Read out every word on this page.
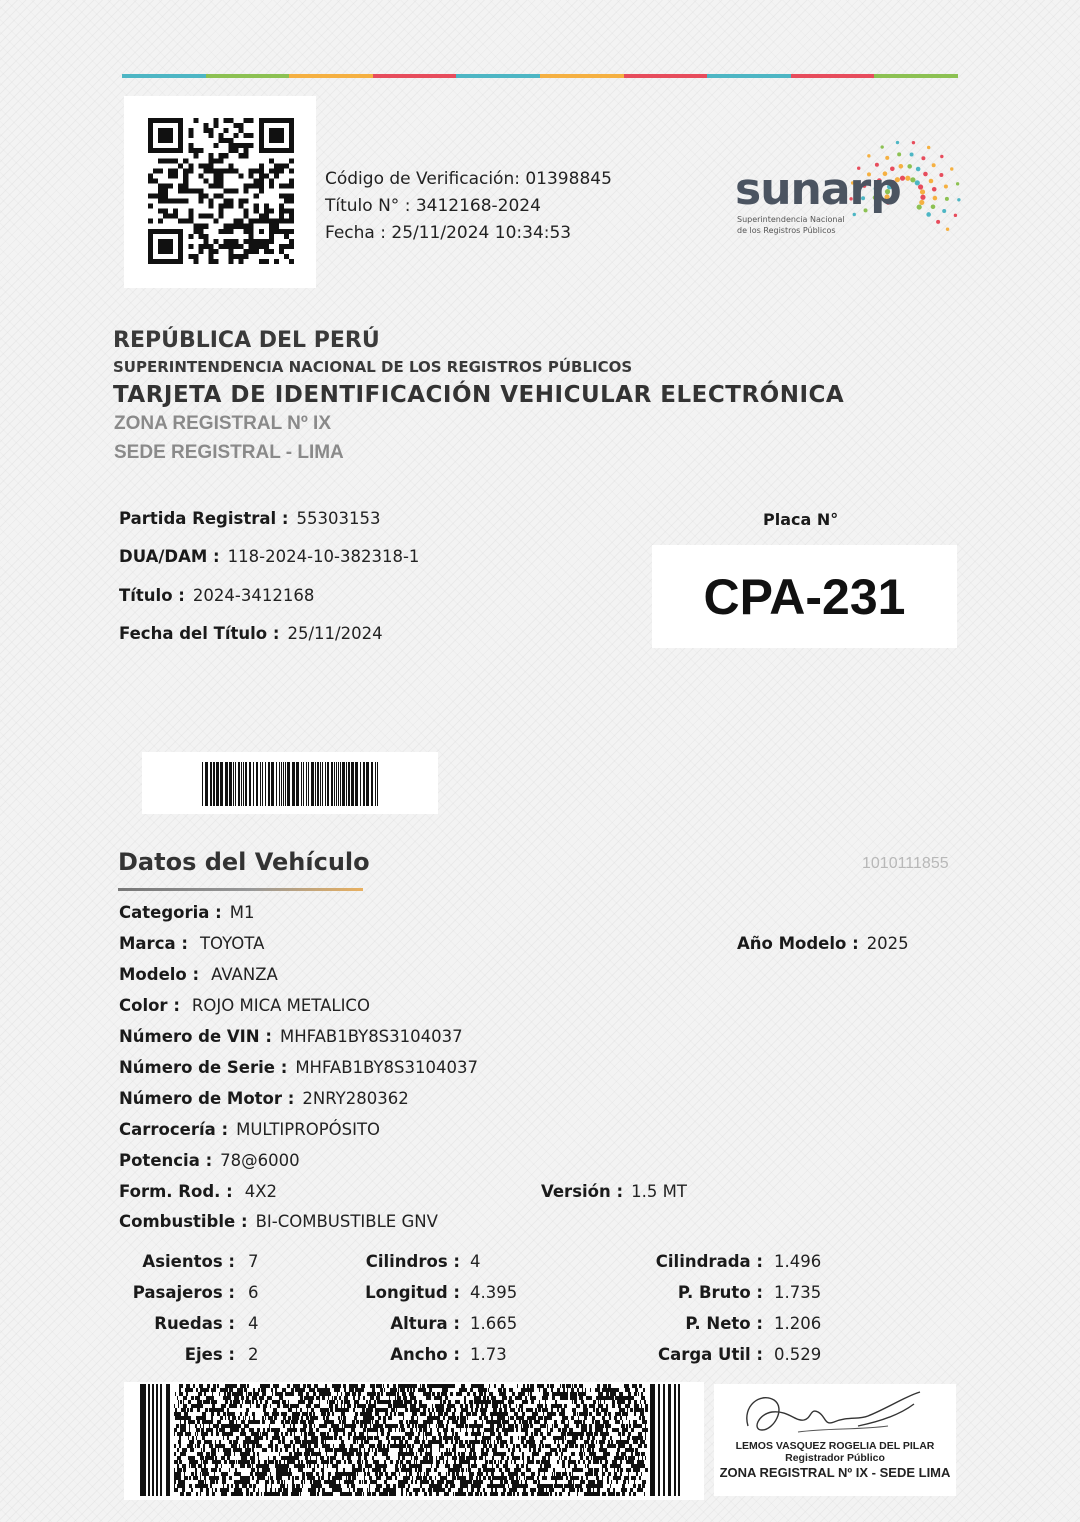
Código de Verificación: 01398845
Título N° : 3412168-2024
Fecha : 25/11/2024 10:34:53
sunarp
Superintendencia Nacional
de los Registros Públicos
REPÚBLICA DEL PERÚ
SUPERINTENDENCIA NACIONAL DE LOS REGISTROS PÚBLICOS
TARJETA DE IDENTIFICACIÓN VEHICULAR ELECTRÓNICA
ZONA REGISTRAL Nº IX
SEDE REGISTRAL - LIMA
Partida Registral : 55303153
DUA/DAM : 118-2024-10-382318-1
Título : 2024-3412168
Fecha del Título : 25/11/2024
Placa N°
CPA-231
Datos del Vehículo	1010111855
Categoria : M1
Marca : TOYOTA	Año Modelo : 2025
Modelo : AVANZA
Color : ROJO MICA METALICO
Número de VIN : MHFAB1BY8S3104037
Número de Serie : MHFAB1BY8S3104037
Número de Motor : 2NRY280362
Carrocería : MULTIPROPÓSITO
Potencia : 78@6000
Form. Rod. : 4X2	Versión : 1.5 MT
Combustible : BI-COMBUSTIBLE GNV
Asientos : 7	Cilindros : 4	Cilindrada : 1.496
Pasajeros : 6	Longitud : 4.395	P. Bruto : 1.735
Ruedas : 4	Altura : 1.665	P. Neto : 1.206
Ejes : 2	Ancho : 1.73	Carga Util : 0.529
LEMOS VASQUEZ ROGELIA DEL PILAR
Registrador Público
ZONA REGISTRAL Nº IX - SEDE LIMA
